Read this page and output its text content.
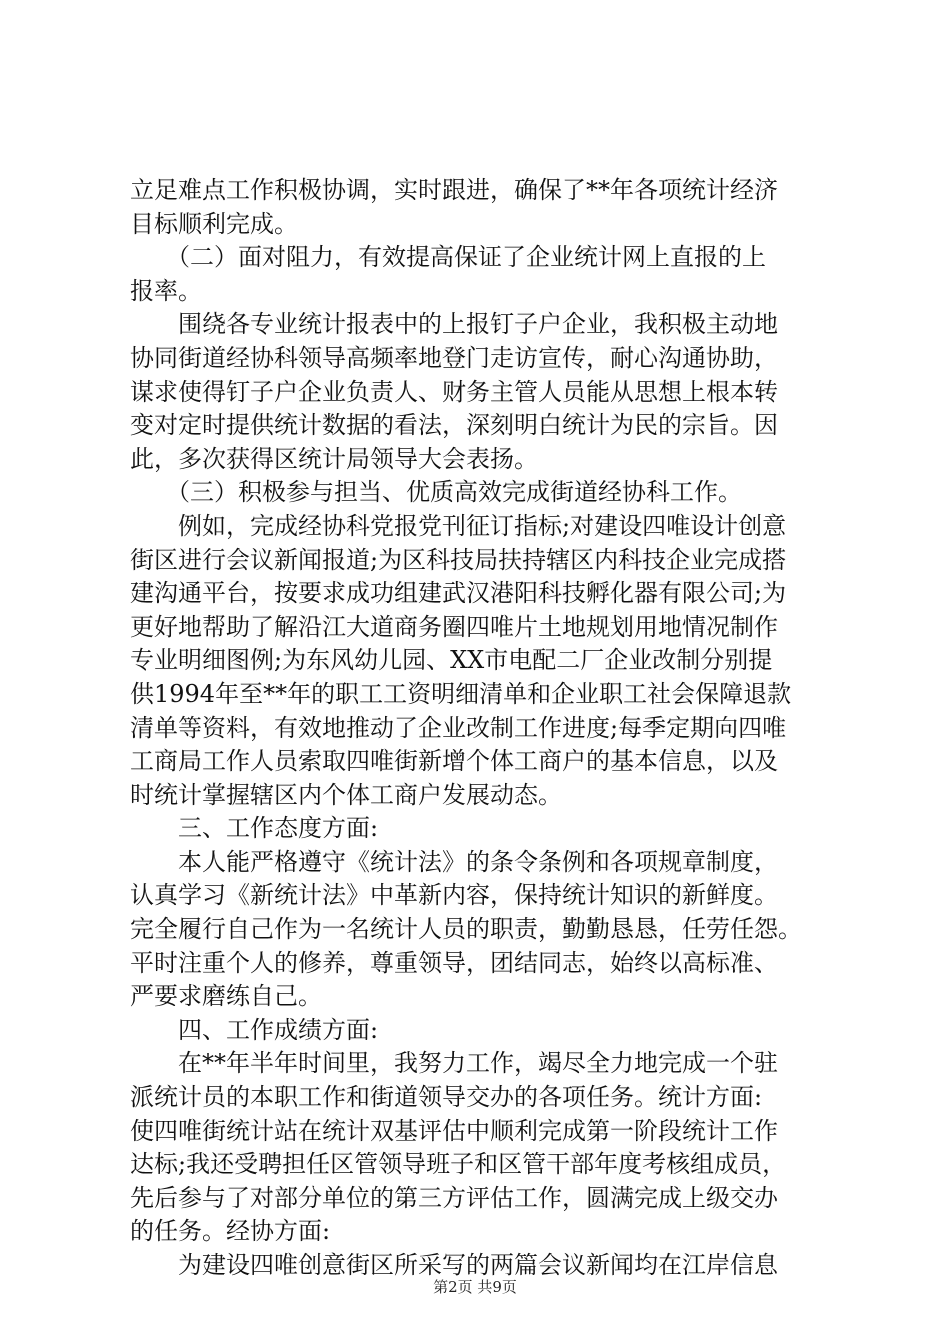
立足难点工作积极协调，实时跟进，确保了**年各项统计经济
目标顺利完成。
　　（二）面对阻力，有效提高保证了企业统计网上直报的上
报率。
　　围绕各专业统计报表中的上报钉子户企业，我积极主动地
协同街道经协科领导高频率地登门走访宣传，耐心沟通协助，
谋求使得钉子户企业负责人、财务主管人员能从思想上根本转
变对定时提供统计数据的看法，深刻明白统计为民的宗旨。因
此，多次获得区统计局领导大会表扬。
　　（三）积极参与担当、优质高效完成街道经协科工作。
　　例如，完成经协科党报党刊征订指标;对建设四唯设计创意
街区进行会议新闻报道;为区科技局扶持辖区内科技企业完成搭
建沟通平台，按要求成功组建武汉港阳科技孵化器有限公司;为
更好地帮助了解沿江大道商务圈四唯片土地规划用地情况制作
专业明细图例;为东风幼儿园、XX市电配二厂企业改制分别提
供1994年至**年的职工工资明细清单和企业职工社会保障退款
清单等资料，有效地推动了企业改制工作进度;每季定期向四唯
工商局工作人员索取四唯街新增个体工商户的基本信息，以及
时统计掌握辖区内个体工商户发展动态。
　　三、工作态度方面:
　　本人能严格遵守《统计法》的条令条例和各项规章制度，
认真学习《新统计法》中革新内容，保持统计知识的新鲜度。
完全履行自己作为一名统计人员的职责，勤勤恳恳，任劳任怨。
平时注重个人的修养，尊重领导，团结同志，始终以高标准、
严要求磨练自己。
　　四、工作成绩方面:
　　在**年半年时间里，我努力工作，竭尽全力地完成一个驻
派统计员的本职工作和街道领导交办的各项任务。统计方面:
使四唯街统计站在统计双基评估中顺利完成第一阶段统计工作
达标;我还受聘担任区管领导班子和区管干部年度考核组成员，
先后参与了对部分单位的第三方评估工作，圆满完成上级交办
的任务。经协方面:
　　为建设四唯创意街区所采写的两篇会议新闻均在江岸信息
第2页 共9页
